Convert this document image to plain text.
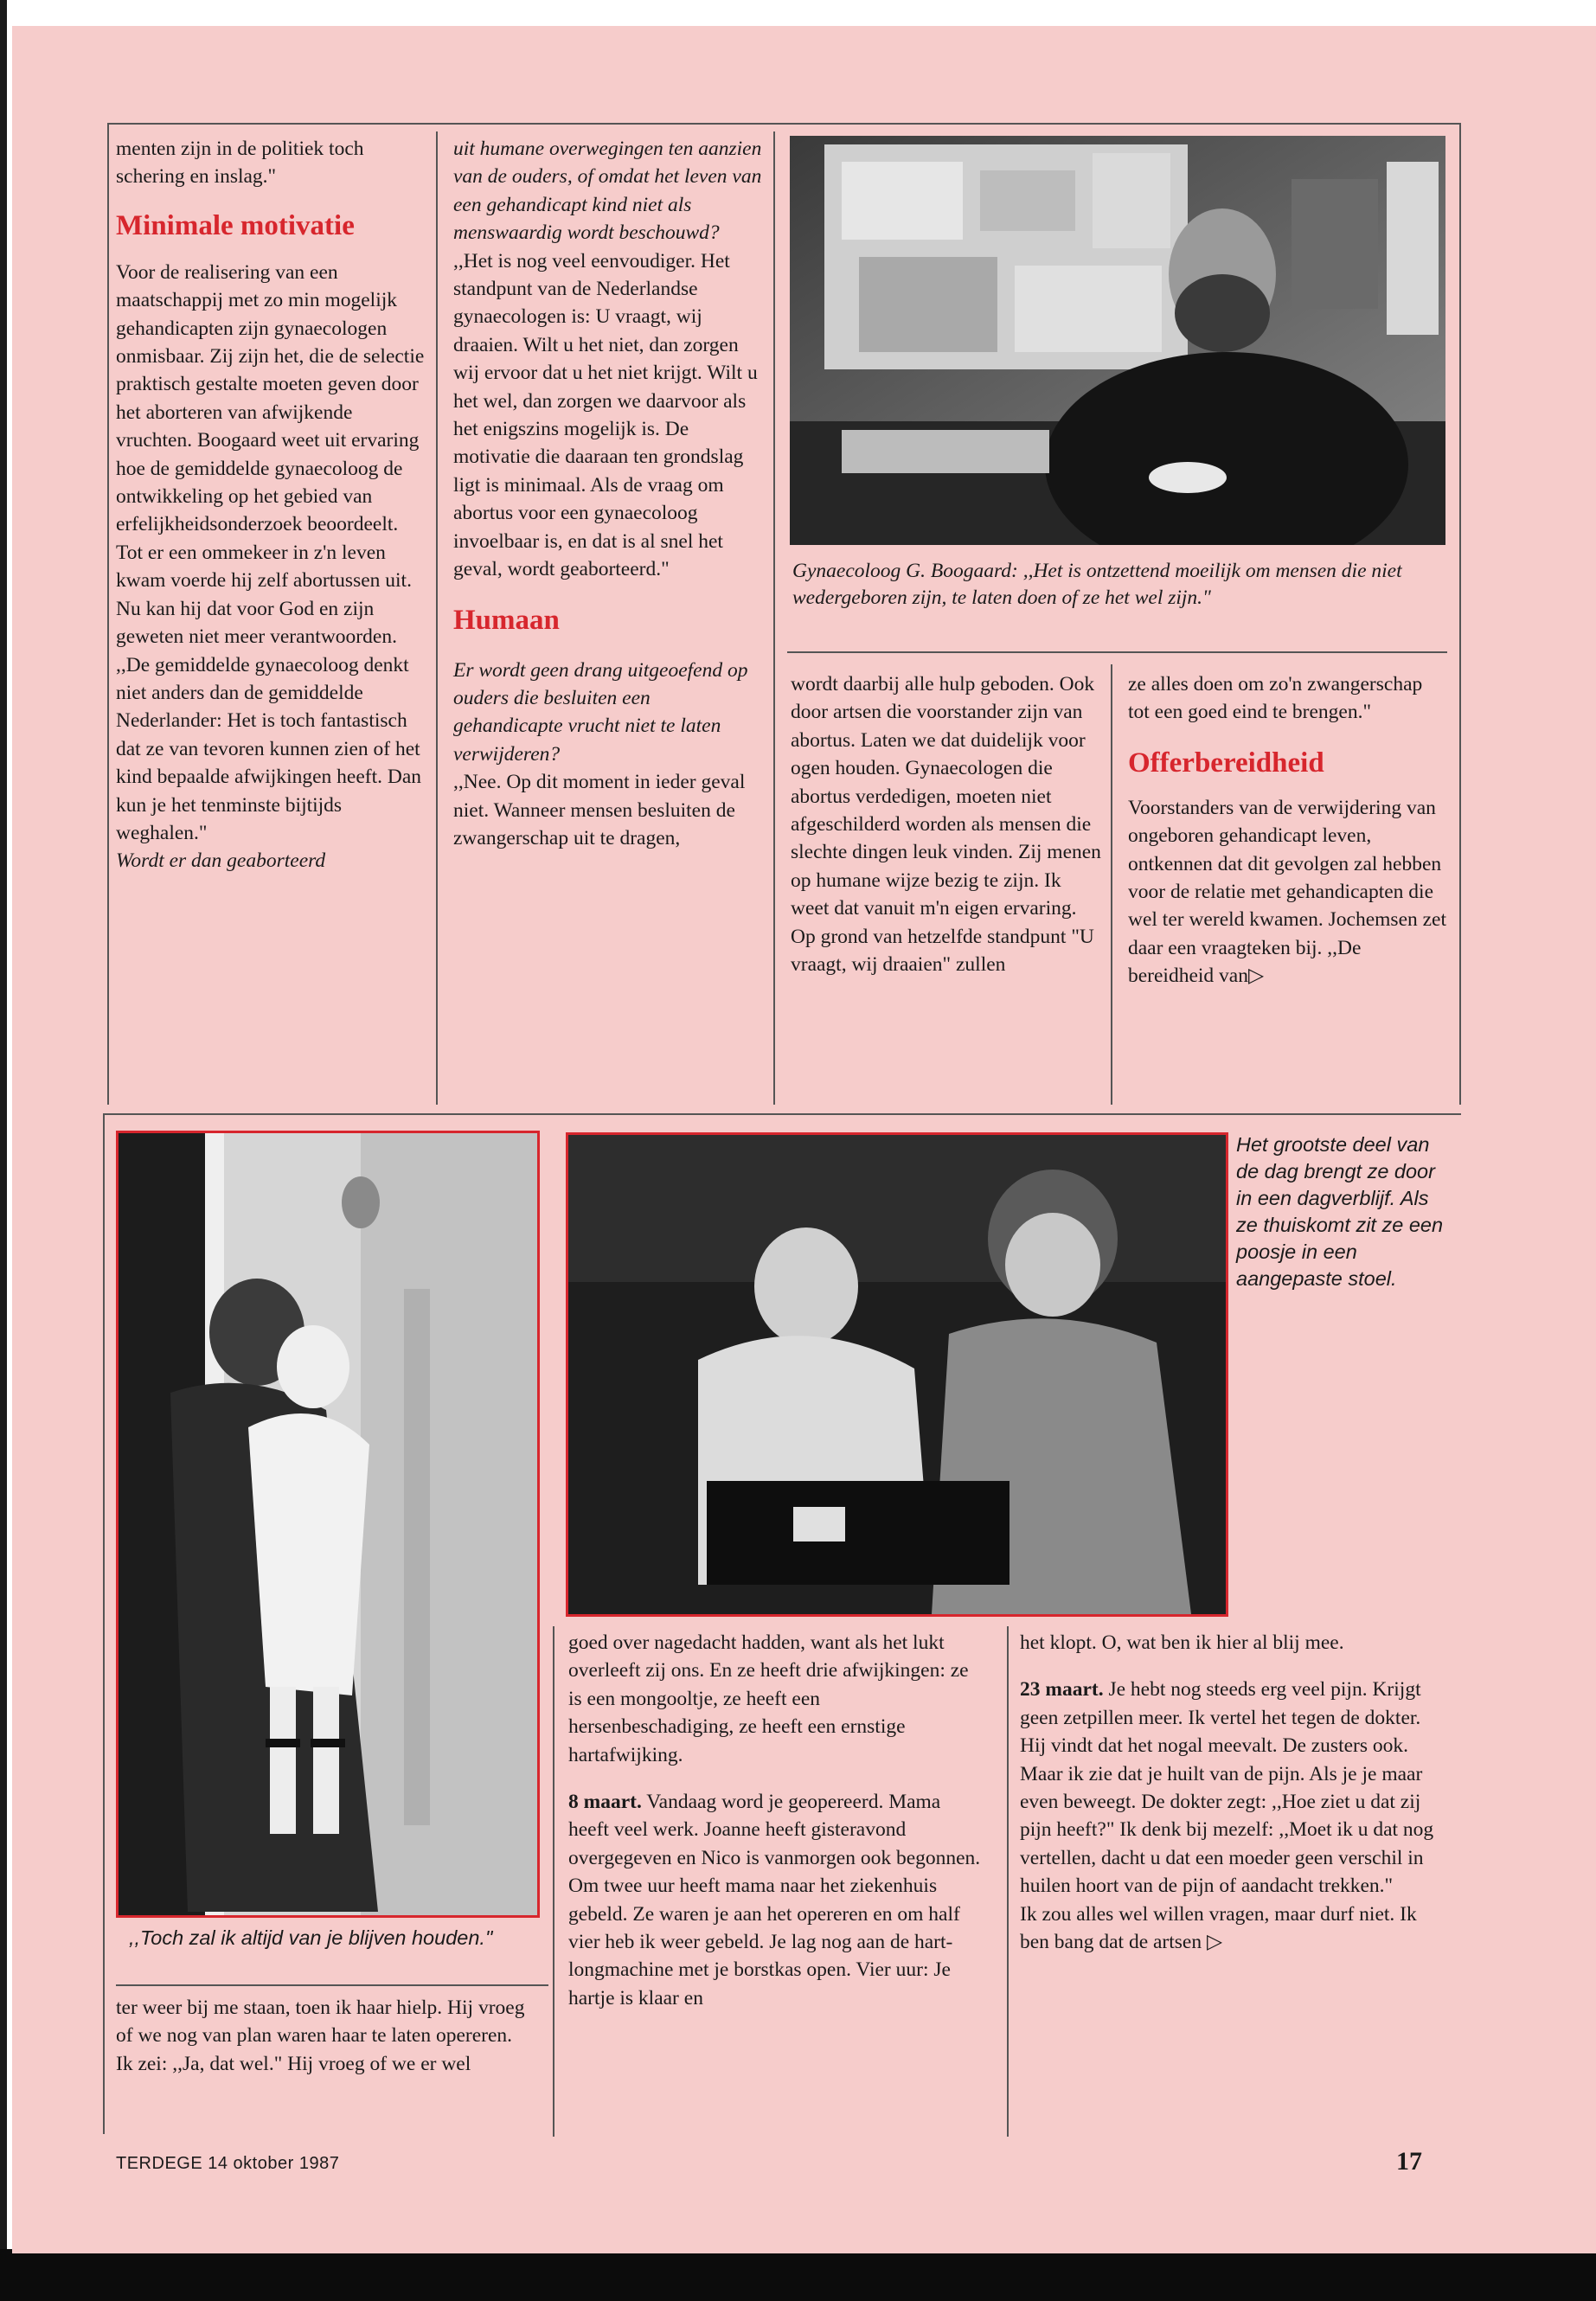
menten zijn in de politiek toch schering en inslag."

Minimale motivatie

Voor de realisering van een maatschappij met zo min mogelijk gehandicapten zijn gynaecologen onmisbaar. Zij zijn het, die de selectie praktisch gestalte moeten geven door het aborteren van afwijkende vruchten. Boogaard weet uit ervaring hoe de gemiddelde gynaecoloog de ontwikkeling op het gebied van erfelijkheidsonderzoek beoordeelt. Tot er een ommekeer in z'n leven kwam voerde hij zelf abortussen uit. Nu kan hij dat voor God en zijn geweten niet meer verantwoorden. ,,De gemiddelde gynaecoloog denkt niet anders dan de gemiddelde Nederlander: Het is toch fantastisch dat ze van tevoren kunnen zien of het kind bepaalde afwijkingen heeft. Dan kun je het tenminste bijtijds weghalen."

Wordt er dan geaborteerd

uit humane overwegingen ten aanzien van de ouders, of omdat het leven van een gehandicapt kind niet als menswaardig wordt beschouwd?

,,Het is nog veel eenvoudiger. Het standpunt van de Nederlandse gynaecologen is: U vraagt, wij draaien. Wilt u het niet, dan zorgen wij ervoor dat u het niet krijgt. Wilt u het wel, dan zorgen we daarvoor als het enigszins mogelijk is. De motivatie die daaraan ten grondslag ligt is minimaal. Als de vraag om abortus voor een gynaecoloog invoelbaar is, en dat is al snel het geval, wordt geaborteerd."

Humaan

Er wordt geen drang uitgeoefend op ouders die besluiten een gehandicapte vrucht niet te laten verwijderen?

,,Nee. Op dit moment in ieder geval niet. Wanneer mensen besluiten de zwangerschap uit te dragen,

Gynaecoloog G. Boogaard: ,,Het is ontzettend moeilijk om mensen die niet wedergeboren zijn, te laten doen of ze het wel zijn."

wordt daarbij alle hulp geboden. Ook door artsen die voorstander zijn van abortus. Laten we dat duidelijk voor ogen houden. Gynaecologen die abortus verdedigen, moeten niet afgeschilderd worden als mensen die slechte dingen leuk vinden. Zij menen op humane wijze bezig te zijn. Ik weet dat vanuit m'n eigen ervaring. Op grond van hetzelfde standpunt "U vraagt, wij draaien" zullen

ze alles doen om zo'n zwangerschap tot een goed eind te brengen."

Offerbereidheid

Voorstanders van de verwijdering van ongeboren gehandicapt leven, ontkennen dat dit gevolgen zal hebben voor de relatie met gehandicapten die wel ter wereld kwamen. Jochemsen zet daar een vraagteken bij. ,,De bereidheid van▷

,,Toch zal ik altijd van je blijven houden."
Het grootste deel van de dag brengt ze door in een dagverblijf. Als ze thuiskomt zit ze een poosje in een aangepaste stoel.

ter weer bij me staan, toen ik haar hielp. Hij vroeg of we nog van plan waren haar te laten opereren. Ik zei: ,,Ja, dat wel." Hij vroeg of we er wel

goed over nagedacht hadden, want als het lukt overleeft zij ons. En ze heeft drie afwijkingen: ze is een mongooltje, ze heeft een hersenbeschadiging, ze heeft een ernstige hartafwijking.

8 maart. Vandaag word je geopereerd. Mama heeft veel werk. Joanne heeft gisteravond overgegeven en Nico is vanmorgen ook begonnen. Om twee uur heeft mama naar het ziekenhuis gebeld. Ze waren je aan het opereren en om half vier heb ik weer gebeld. Je lag nog aan de hart-longmachine met je borstkas open. Vier uur: Je hartje is klaar en

het klopt. O, wat ben ik hier al blij mee.

23 maart. Je hebt nog steeds erg veel pijn. Krijgt geen zetpillen meer. Ik vertel het tegen de dokter. Hij vindt dat het nogal meevalt. De zusters ook. Maar ik zie dat je huilt van de pijn. Als je je maar even beweegt. De dokter zegt: ,,Hoe ziet u dat zij pijn heeft?" Ik denk bij mezelf: ,,Moet ik u dat nog vertellen, dacht u dat een moeder geen verschil in huilen hoort van de pijn of aandacht trekken."

Ik zou alles wel willen vragen, maar durf niet. Ik ben bang dat de artsen ▷

TERDEGE 14 oktober 1987	17
